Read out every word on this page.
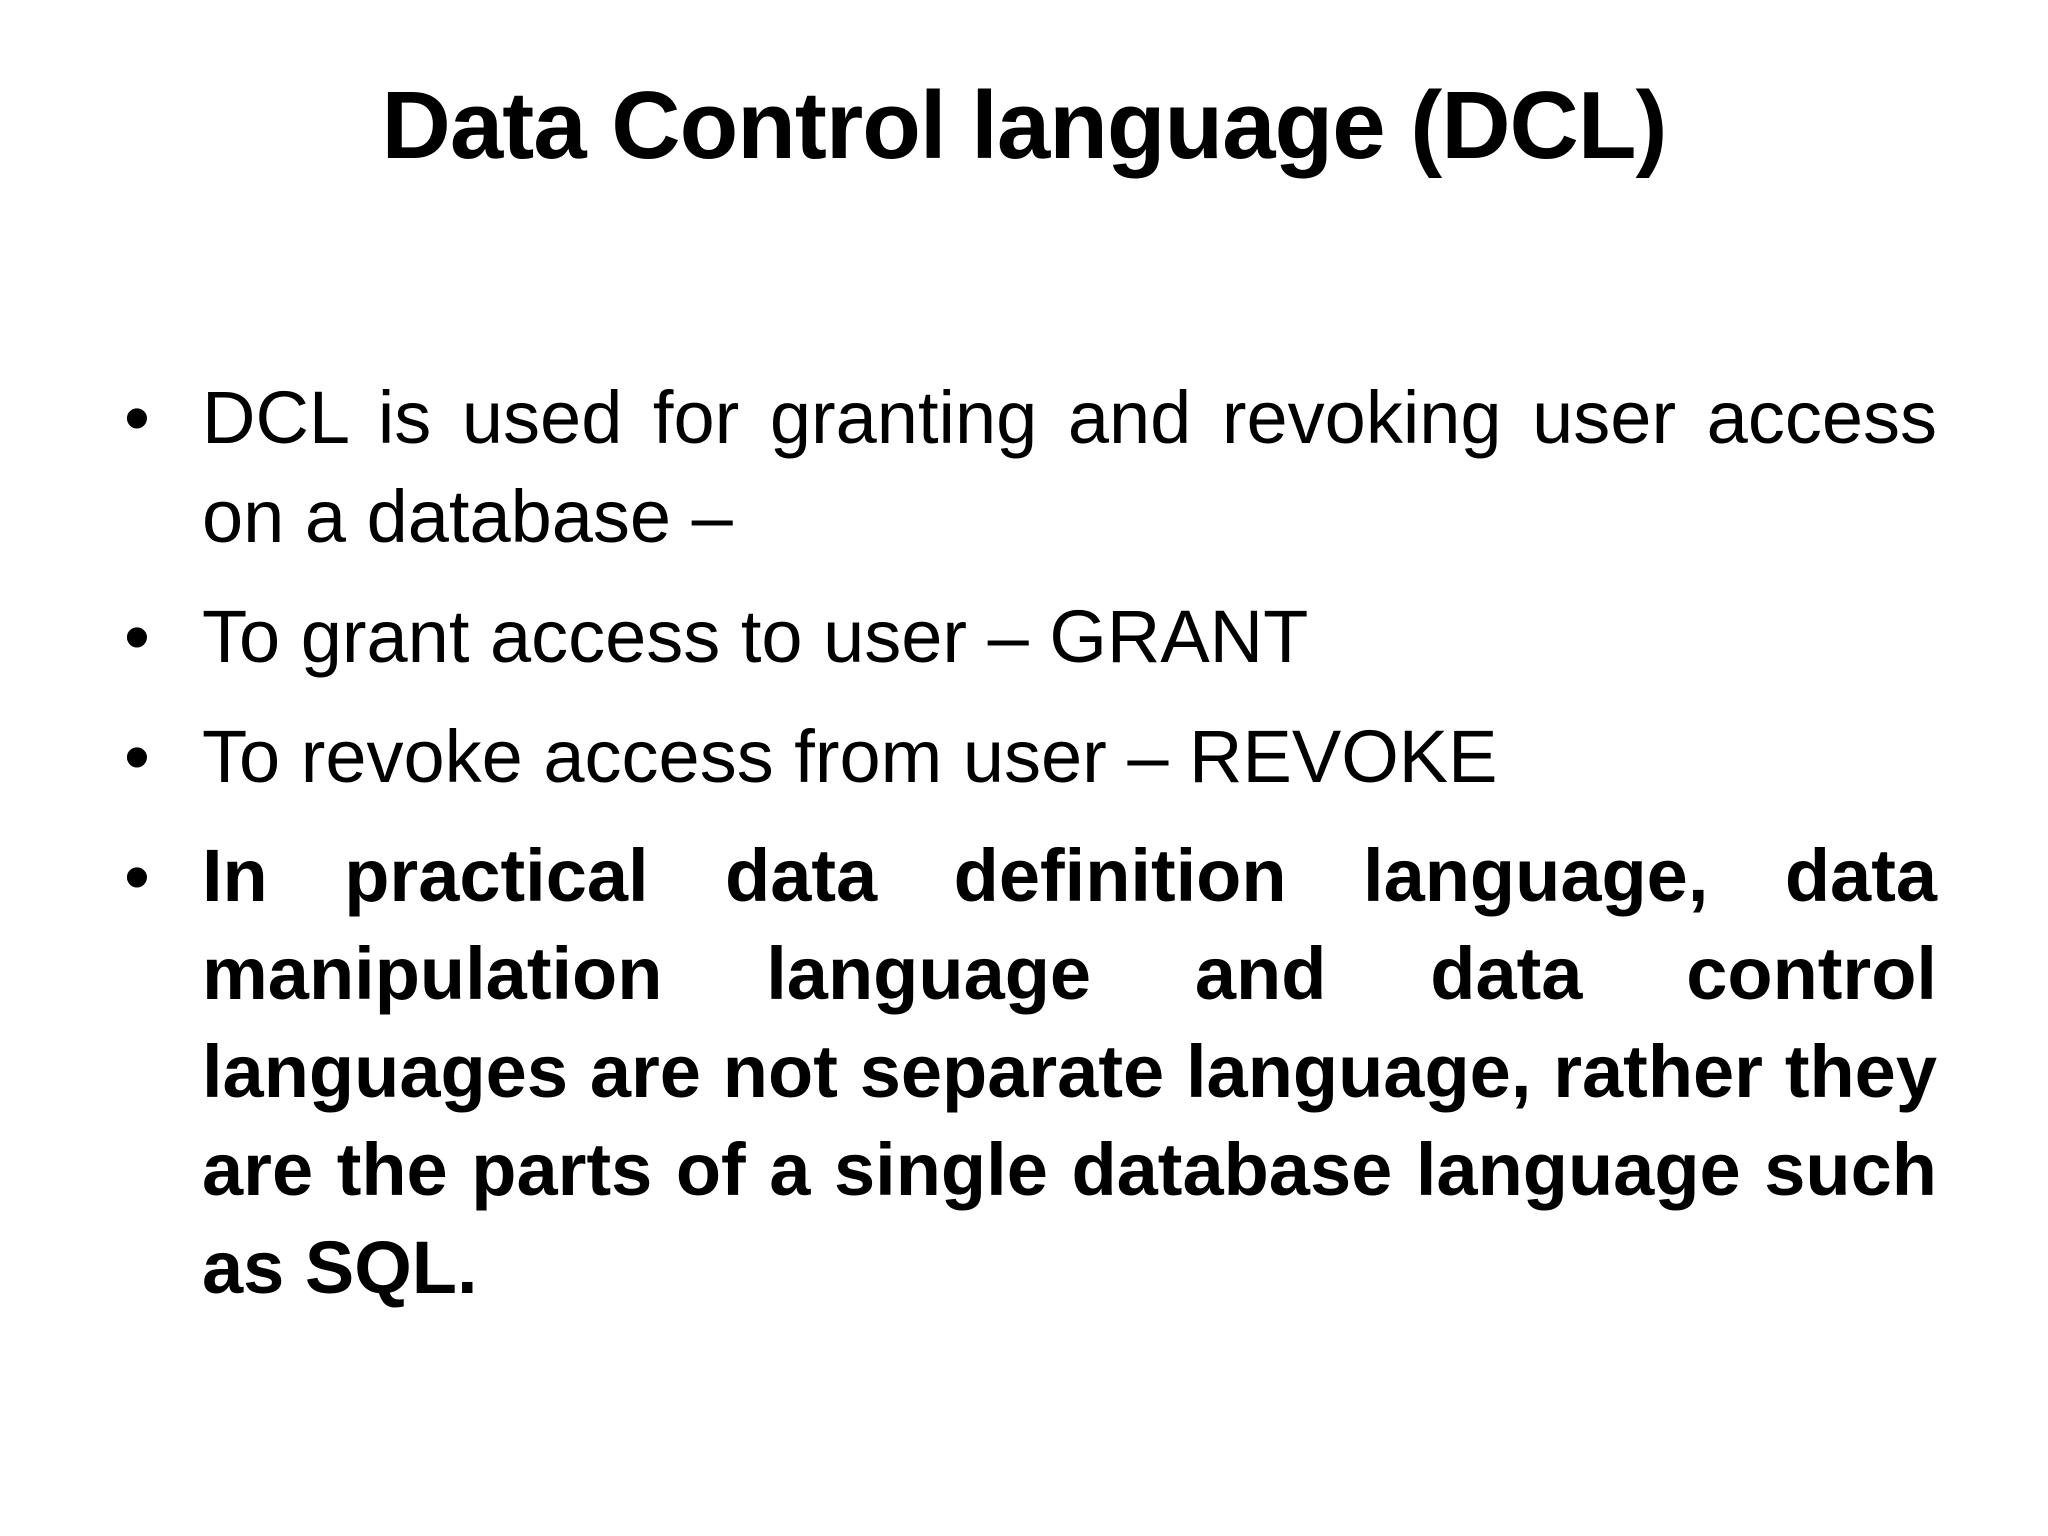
Data Control language (DCL)
• DCL is used for granting and revoking user access on a database –
• To grant access to user – GRANT
• To revoke access from user – REVOKE
• In practical data definition language, data manipulation language and data control languages are not separate language, rather they are the parts of a single database language such as SQL.
